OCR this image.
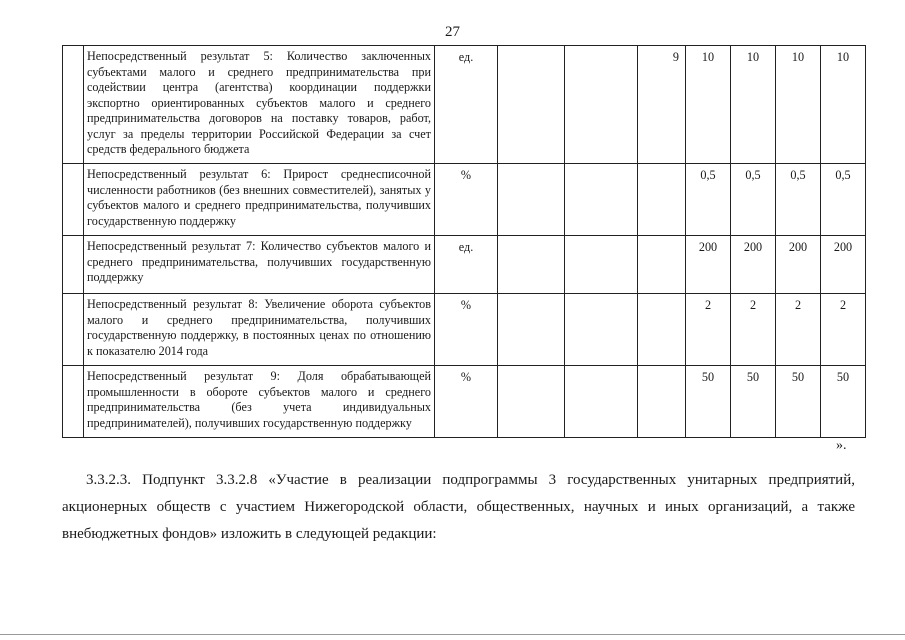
27
	Непосредственный результат 5: Количество заключенных субъектами малого и среднего предпринимательства при содействии центра (агентства) координации поддержки экспортно ориентированных субъектов малого и среднего предпринимательства договоров на поставку товаров, работ, услуг за пределы территории Российской Федерации за счет средств федерального бюджета	ед.			9	10	10	10	10
	Непосредственный результат 6: Прирост среднесписочной численности работников (без внешних совместителей), занятых у субъектов малого и среднего предпринимательства, получивших государственную поддержку	%				0,5	0,5	0,5	0,5
	Непосредственный результат 7: Количество субъектов малого и среднего предпринимательства, получивших государственную поддержку	ед.				200	200	200	200
	Непосредственный результат 8: Увеличение оборота субъектов малого и среднего предпринимательства, получивших государственную поддержку, в постоянных ценах по отношению к показателю 2014 года	%				2	2	2	2
	Непосредственный результат 9: Доля обрабатывающей промышленности в обороте субъектов малого и среднего предпринимательства (без учета индивидуальных предпринимателей), получивших государственную поддержку	%				50	50	50	50
».

3.3.2.3. Подпункт 3.3.2.8 «Участие в реализации подпрограммы 3 государственных унитарных предприятий, акционерных обществ с участием Нижегородской области, общественных, научных и иных организаций, а также внебюджетных фондов» изложить в следующей редакции:
